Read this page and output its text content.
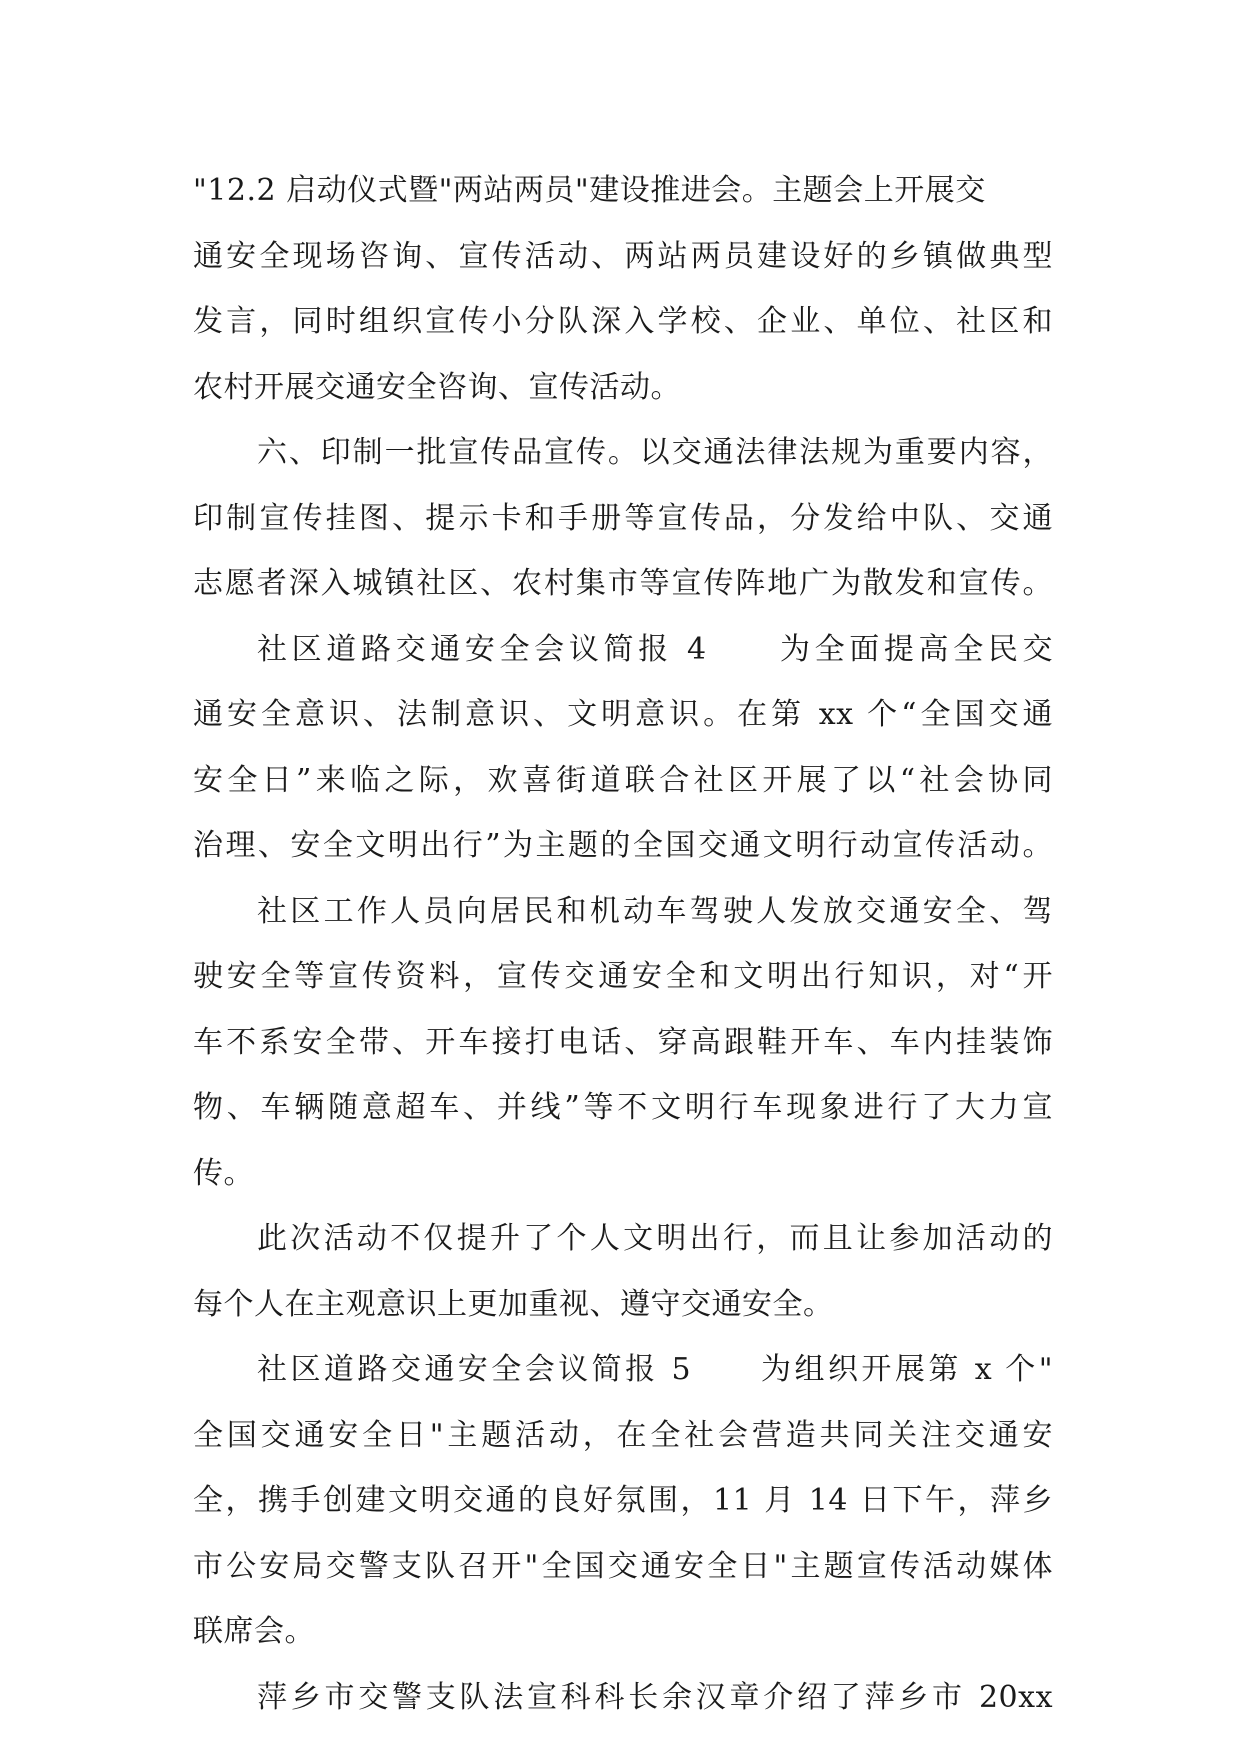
"12.2 启动仪式暨"两站两员"建设推进会。主题会上开展交
通安全现场咨询、宣传活动、两站两员建设好的乡镇做典型
发言，同时组织宣传小分队深入学校、企业、单位、社区和
农村开展交通安全咨询、宣传活动。
六、印制一批宣传品宣传。以交通法律法规为重要内容，
印制宣传挂图、提示卡和手册等宣传品，分发给中队、交通
志愿者深入城镇社区、农村集市等宣传阵地广为散发和宣传。
社区道路交通安全会议简报 4　　为全面提高全民交
通安全意识、法制意识、文明意识。在第 xx 个“全国交通
安全日”来临之际，欢喜街道联合社区开展了以“社会协同
治理、安全文明出行”为主题的全国交通文明行动宣传活动。
社区工作人员向居民和机动车驾驶人发放交通安全、驾
驶安全等宣传资料，宣传交通安全和文明出行知识，对“开
车不系安全带、开车接打电话、穿高跟鞋开车、车内挂装饰
物、车辆随意超车、并线”等不文明行车现象进行了大力宣
传。
此次活动不仅提升了个人文明出行，而且让参加活动的
每个人在主观意识上更加重视、遵守交通安全。
社区道路交通安全会议简报 5　　为组织开展第 x 个"
全国交通安全日"主题活动，在全社会营造共同关注交通安
全，携手创建文明交通的良好氛围，11 月 14 日下午，萍乡
市公安局交警支队召开"全国交通安全日"主题宣传活动媒体
联席会。
萍乡市交警支队法宣科科长余汉章介绍了萍乡市 20xx
